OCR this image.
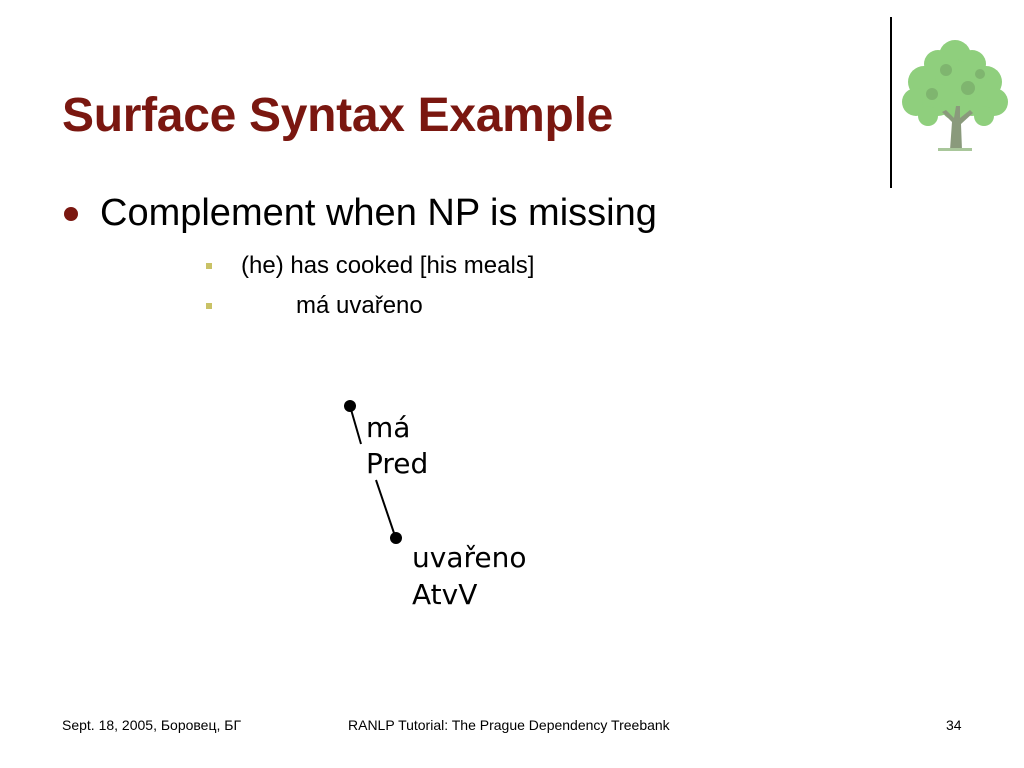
Surface Syntax Example
Complement when NP is missing
(he) has cooked [his meals]
má uvařeno
má
Pred
uvařeno
AtvV
Sept. 18, 2005, Боровец, БГ	RANLP Tutorial: The Prague Dependency Treebank	34
